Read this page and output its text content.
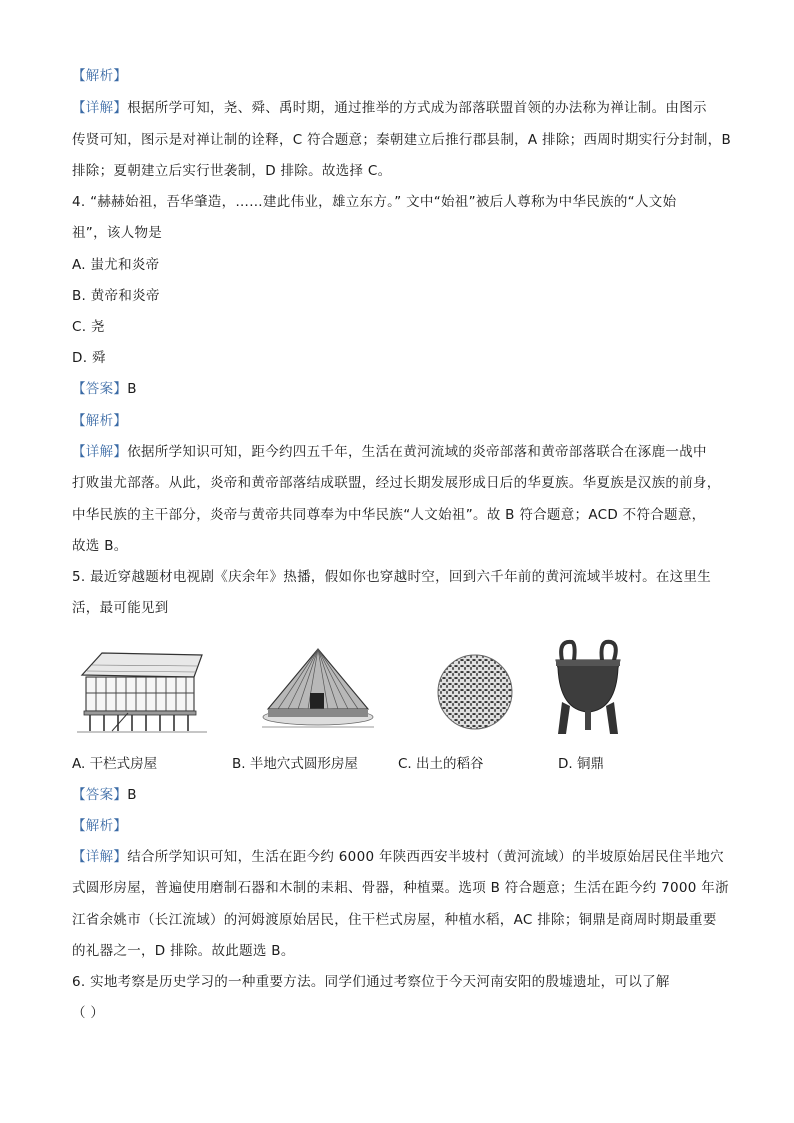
【解析】
【详解】根据所学可知，尧、舜、禹时期，通过推举的方式成为部落联盟首领的办法称为禅让制。由图示
传贤可知，图示是对禅让制的诠释，C 符合题意；秦朝建立后推行郡县制，A 排除；西周时期实行分封制，B
排除；夏朝建立后实行世袭制，D 排除。故选择 C。
4. “赫赫始祖，吾华肇造，……建此伟业，雄立东方。” 文中“始祖”被后人尊称为中华民族的“人文始
祖”，该人物是
A. 蚩尤和炎帝
B. 黄帝和炎帝
C. 尧
D. 舜
【答案】B
【解析】
【详解】依据所学知识可知，距今约四五千年，生活在黄河流域的炎帝部落和黄帝部落联合在涿鹿一战中
打败蚩尤部落。从此，炎帝和黄帝部落结成联盟，经过长期发展形成日后的华夏族。华夏族是汉族的前身，
中华民族的主干部分，炎帝与黄帝共同尊奉为中华民族“人文始祖”。故 B 符合题意；ACD 不符合题意，
故选 B。
5. 最近穿越题材电视剧《庆余年》热播，假如你也穿越时空，回到六千年前的黄河流域半坡村。在这里生
活，最可能见到
A. 干栏式房屋	B. 半地穴式圆形房屋	C. 出土的稻谷	D. 铜鼎
【答案】B
【解析】
【详解】结合所学知识可知，生活在距今约 6000 年陕西西安半坡村（黄河流域）的半坡原始居民住半地穴
式圆形房屋，普遍使用磨制石器和木制的耒耜、骨器，种植粟。选项 B 符合题意；生活在距今约 7000 年浙
江省余姚市（长江流域）的河姆渡原始居民，住干栏式房屋，种植水稻，AC 排除；铜鼎是商周时期最重要
的礼器之一，D 排除。故此题选 B。
6. 实地考察是历史学习的一种重要方法。同学们通过考察位于今天河南安阳的殷墟遗址，可以了解
（ ）
